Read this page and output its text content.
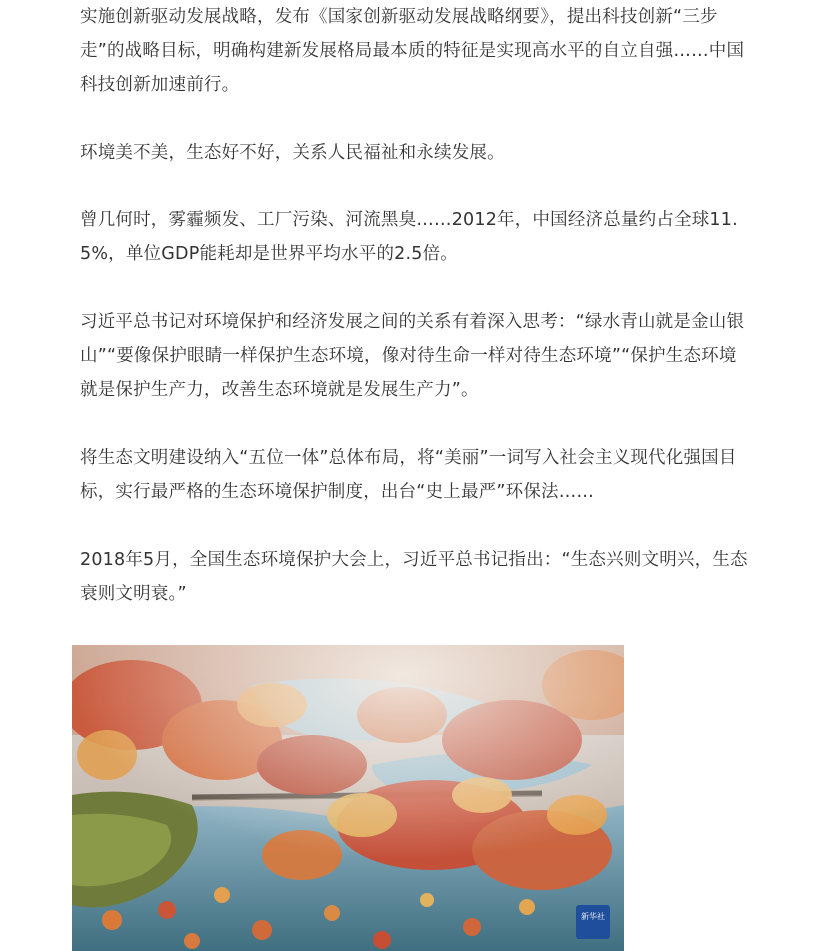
实施创新驱动发展战略，发布《国家创新驱动发展战略纲要》，提出科技创新“三步走”的战略目标，明确构建新发展格局最本质的特征是实现高水平的自立自强……中国科技创新加速前行。

环境美不美，生态好不好，关系人民福祉和永续发展。

曾几何时，雾霾频发、工厂污染、河流黑臭……2012年，中国经济总量约占全球11.5%，单位GDP能耗却是世界平均水平的2.5倍。

习近平总书记对环境保护和经济发展之间的关系有着深入思考：“绿水青山就是金山银山”“要像保护眼睛一样保护生态环境，像对待生命一样对待生态环境”“保护生态环境就是保护生产力，改善生态环境就是发展生产力”。

将生态文明建设纳入“五位一体”总体布局，将“美丽”一词写入社会主义现代化强国目标，实行最严格的生态环境保护制度，出台“史上最严”环保法……

2018年5月，全国生态环境保护大会上，习近平总书记指出：“生态兴则文明兴，生态衰则文明衰。”

新华社
